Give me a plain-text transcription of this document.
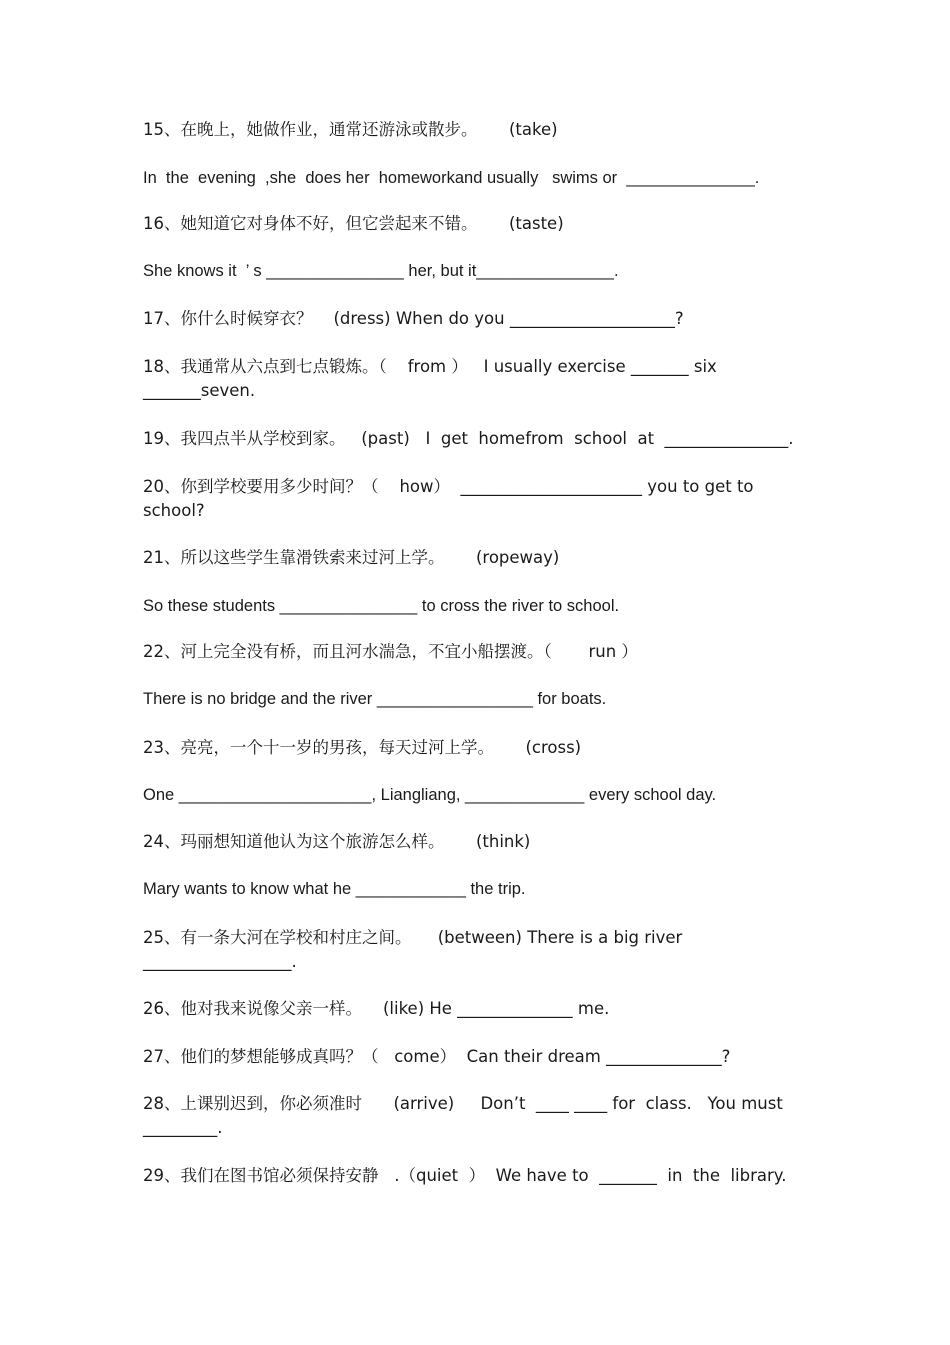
15、在晚上，她做作业，通常还游泳或散步。      (take)
In  the  evening  ,she  does her  homeworkand usually   swims or  ______________.
16、她知道它对身体不好，但它尝起来不错。      (taste)
She knows it  ’ s _______________ her, but it_______________.
17、你什么时候穿衣？    (dress) When do you ____________________?
18、我通常从六点到七点锻炼。（    from ）   I usually exercise _______ six
_______seven.
19、我四点半从学校到家。   (past)   I  get  homefrom  school  at  _______________.
20、你到学校要用多少时间？（    how）  ______________________ you to get to
school?
21、所以这些学生靠滑铁索来过河上学。      (ropeway)
So these students _______________ to cross the river to school.
22、河上完全没有桥，而且河水湍急，不宜小船摆渡。（       run ）
There is no bridge and the river _________________ for boats.
23、亮亮，一个十一岁的男孩，每天过河上学。      (cross)
One _____________________, Liangliang, _____________ every school day.
24、玛丽想知道他认为这个旅游怎么样。      (think)
Mary wants to know what he ____________ the trip.
25、有一条大河在学校和村庄之间。     (between) There is a big river
__________________.
26、他对我来说像父亲一样。    (like) He ______________ me.
27、他们的梦想能够成真吗？（   come）  Can their dream ______________?
28、上课别迟到，你必须准时      (arrive)     Don’t  ____ ____ for  class.   You must
_________.
29、我们在图书馆必须保持安静   .（quiet  ）  We have to  _______  in  the  library.
